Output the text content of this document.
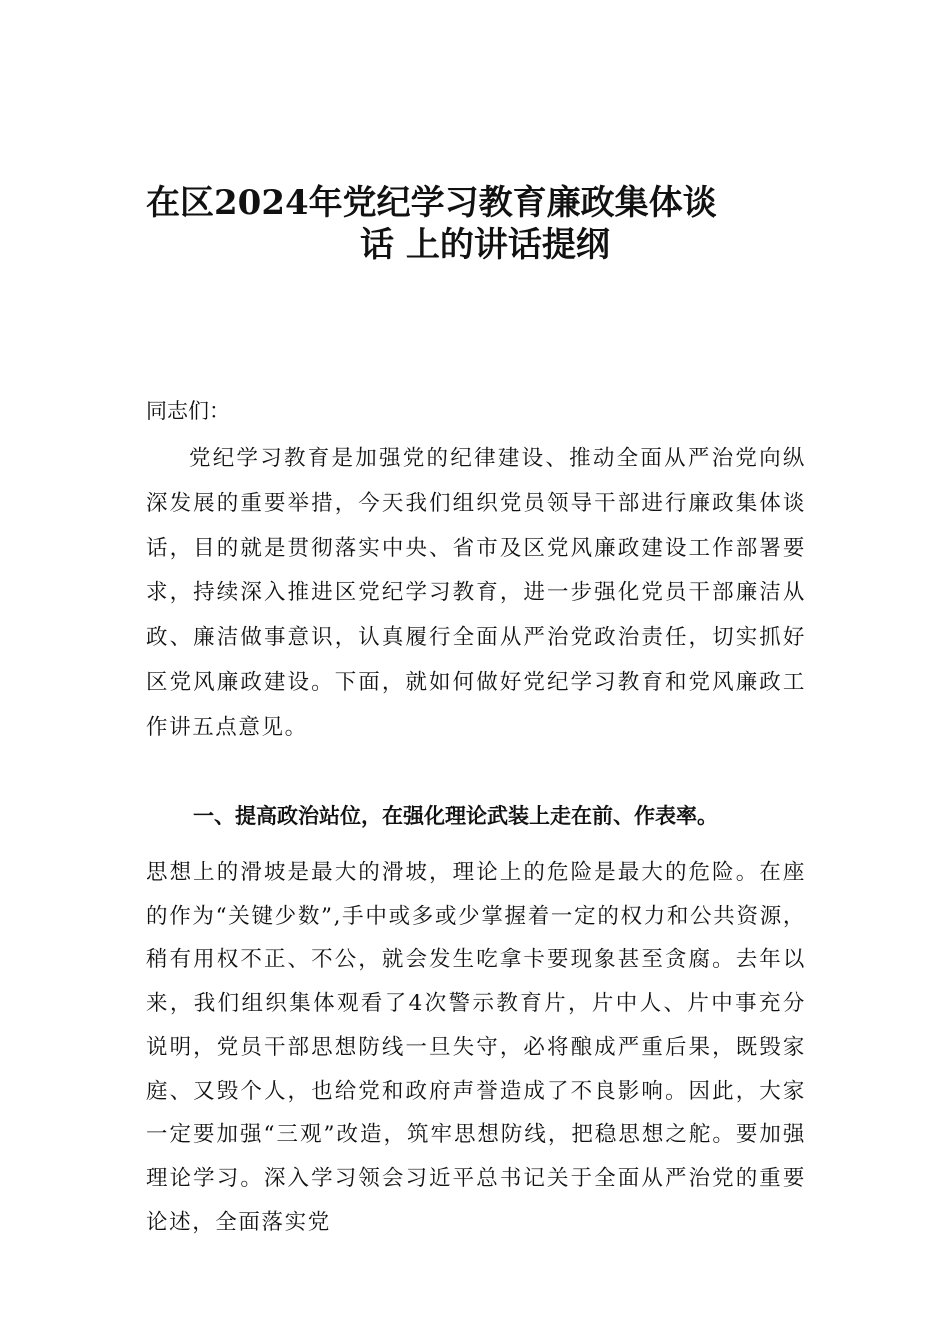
在区2024年党纪学习教育廉政集体谈
话 上的讲话提纲
同志们：

党纪学习教育是加强党的纪律建设、推动全面从严治党向纵深发展的重要举措，今天我们组织党员领导干部进行廉政集体谈话，目的就是贯彻落实中央、省市及区党风廉政建设工作部署要求，持续深入推进区党纪学习教育，进一步强化党员干部廉洁从政、廉洁做事意识，认真履行全面从严治党政治责任，切实抓好区党风廉政建设。下面，就如何做好党纪学习教育和党风廉政工作讲五点意见。

一、提高政治站位，在强化理论武装上走在前、作表率。

思想上的滑坡是最大的滑坡，理论上的危险是最大的危险。在座的作为“关键少数”,手中或多或少掌握着一定的权力和公共资源，稍有用权不正、不公，就会发生吃拿卡要现象甚至贪腐。去年以来，我们组织集体观看了4次警示教育片，片中人、片中事充分说明，党员干部思想防线一旦失守，必将酿成严重后果，既毁家庭、又毁个人，也给党和政府声誉造成了不良影响。因此，大家一定要加强“三观”改造，筑牢思想防线，把稳思想之舵。要加强理论学习。深入学习领会习近平总书记关于全面从严治党的重要论述，全面落实党
